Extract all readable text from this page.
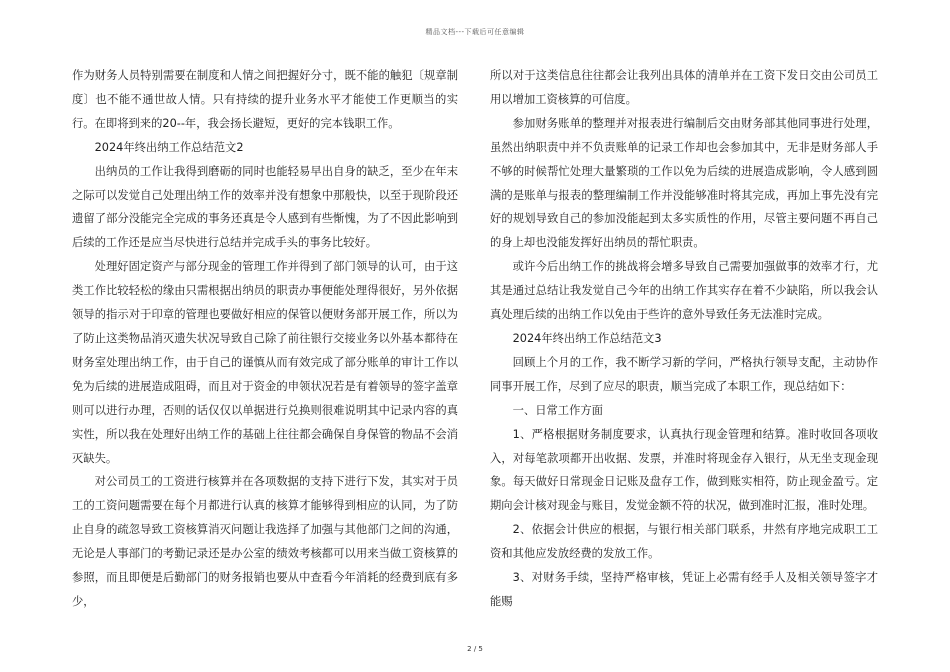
精品文档---下载后可任意编辑

作为财务人员特别需要在制度和人情之间把握好分寸，既不能的触犯〔规章制度〕也不能不通世故人情。只有持续的提升业务水平才能使工作更顺当的实行。在即将到来的20--年，我会扬长避短，更好的完本钱职工作。

2024年终出纳工作总结范文2

出纳员的工作让我得到磨砺的同时也能轻易早出自身的缺乏，至少在年末之际可以发觉自己处理出纳工作的效率并没有想象中那般快，以至于现阶段还遗留了部分没能完全完成的事务还真是令人感到有些惭愧，为了不因此影响到后续的工作还是应当尽快进行总结并完成手头的事务比较好。

处理好固定资产与部分现金的管理工作并得到了部门领导的认可，由于这类工作比较轻松的缘由只需根据出纳员的职责办事便能处理得很好，另外依据领导的指示对于印章的管理也要做好相应的保管以便财务部开展工作，所以为了防止这类物品消灭遗失状况导致自己除了前往银行交接业务以外基本都待在财务室处理出纳工作，由于自己的谨慎从而有效完成了部分账单的审计工作以免为后续的进展造成阻碍，而且对于资金的申领状况若是有着领导的签字盖章则可以进行办理，否则的话仅仅以单据进行兑换则很难说明其中记录内容的真实性，所以我在处理好出纳工作的基础上往往都会确保自身保管的物品不会消灭缺失。

对公司员工的工资进行核算并在各项数据的支持下进行下发，其实对于员工的工资问题需要在每个月都进行认真的核算才能够得到相应的认同，为了防止自身的疏忽导致工资核算消灭问题让我选择了加强与其他部门之间的沟通，无论是人事部门的考勤记录还是办公室的绩效考核都可以用来当做工资核算的参照，而且即便是后勤部门的财务报销也要从中查看今年消耗的经费到底有多少，

所以对于这类信息往往都会让我列出具体的清单并在工资下发日交由公司员工用以增加工资核算的可信度。

参加财务账单的整理并对报表进行编制后交由财务部其他同事进行处理，虽然出纳职责中并不负责账单的记录工作却也会参加其中，无非是财务部人手不够的时候帮忙处理大量繁琐的工作以免为后续的进展造成影响，令人感到圆满的是账单与报表的整理编制工作并没能够准时将其完成，再加上事先没有完好的规划导致自己的参加没能起到太多实质性的作用，尽管主要问题不再自己的身上却也没能发挥好出纳员的帮忙职责。

或许今后出纳工作的挑战将会增多导致自己需要加强做事的效率才行，尤其是通过总结让我发觉自己今年的出纳工作其实存在着不少缺陷，所以我会认真处理后续的出纳工作以免由于些许的意外导致任务无法准时完成。

2024年终出纳工作总结范文3

回顾上个月的工作，我不断学习新的学问，严格执行领导支配，主动协作同事开展工作，尽到了应尽的职责，顺当完成了本职工作，现总结如下：

一、日常工作方面

1、严格根据财务制度要求，认真执行现金管理和结算。准时收回各项收入，对每笔款项都开出收据、发票，并准时将现金存入银行，从无坐支现金现象。每天做好日常现金日记账及盘存工作，做到账实相符，防止现金盈亏。定期向会计核对现金与账目，发觉金额不符的状况，做到准时汇报，准时处理。

2、依据会计供应的根据，与银行相关部门联系，井然有序地完成职工工资和其他应发放经费的发放工作。

3、对财务手续，坚持严格审核，凭证上必需有经手人及相关领导签字才能赐

2 / 5
